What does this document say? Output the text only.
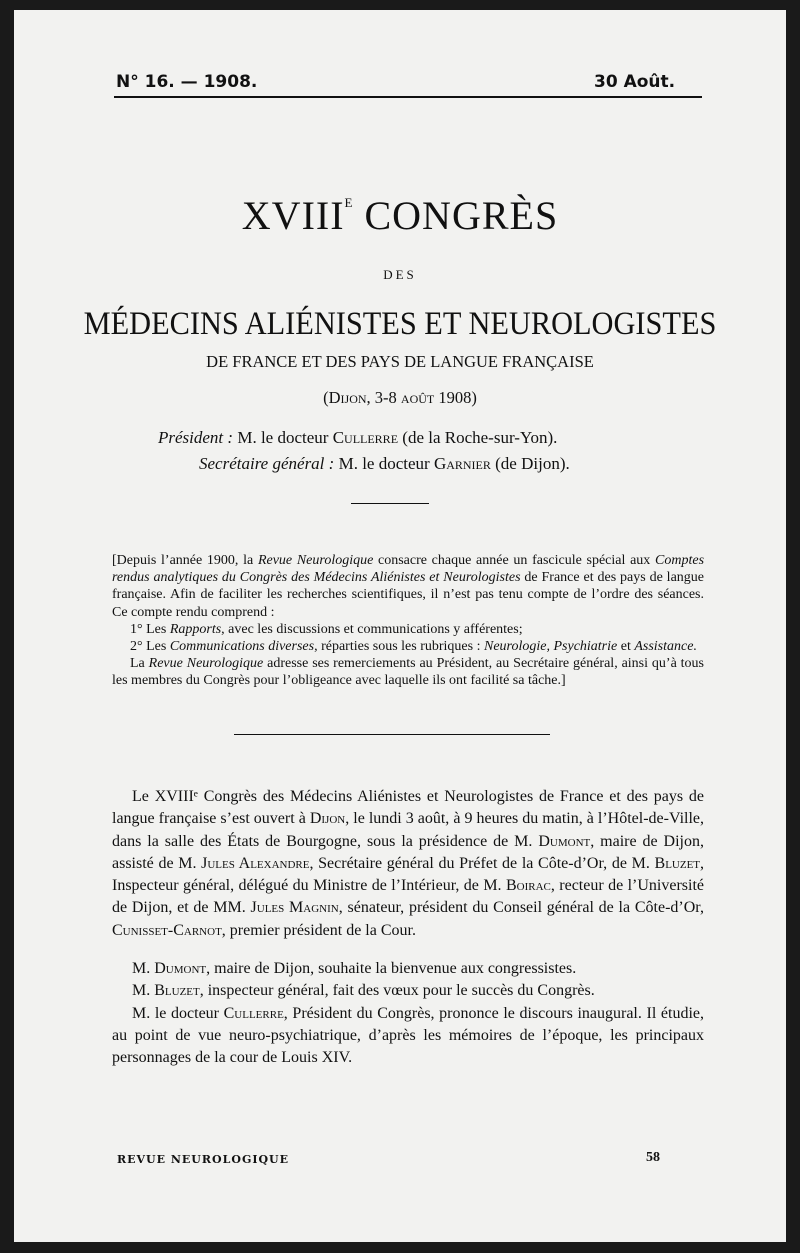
N° 16. — 1908.	30 Août.
$XVIII^E$ CONGRÈS
DES
MÉDECINS ALIÉNISTES ET NEUROLOGISTES
DE FRANCE ET DES PAYS DE LANGUE FRANÇAISE
(Dijon, 3-8 août 1908)
Président : M. le docteur Cullerre (de la Roche-sur-Yon).
Secrétaire général : M. le docteur Garnier (de Dijon).

[Depuis l’année 1900, la Revue Neurologique consacre chaque année un fascicule spécial aux Comptes rendus analytiques du Congrès des Médecins Aliénistes et Neurologistes de France et des pays de langue française. Afin de faciliter les recherches scientifiques, il n’est pas tenu compte de l’ordre des séances. Ce compte rendu comprend :

1° Les Rapports, avec les discussions et communications y afférentes;

2° Les Communications diverses, réparties sous les rubriques : Neurologie, Psychiatrie et Assistance.

La Revue Neurologique adresse ses remerciements au Président, au Secrétaire général, ainsi qu’à tous les membres du Congrès pour l’obligeance avec laquelle ils ont facilité sa tâche.]

Le XVIIIᵉ Congrès des Médecins Aliénistes et Neurologistes de France et des pays de langue française s’est ouvert à Dijon, le lundi 3 août, à 9 heures du matin, à l’Hôtel-de-Ville, dans la salle des États de Bourgogne, sous la présidence de M. Dumont, maire de Dijon, assisté de M. Jules Alexandre, Secrétaire général du Préfet de la Côte-d’Or, de M. Bluzet, Inspecteur général, délégué du Ministre de l’Intérieur, de M. Boirac, recteur de l’Université de Dijon, et de MM. Jules Magnin, sénateur, président du Conseil général de la Côte-d’Or, Cunisset-Carnot, premier président de la Cour.

M. Dumont, maire de Dijon, souhaite la bienvenue aux congressistes.

M. Bluzet, inspecteur général, fait des vœux pour le succès du Congrès.

M. le docteur Cullerre, Président du Congrès, prononce le discours inaugural. Il étudie, au point de vue neuro-psychiatrique, d’après les mémoires de l’époque, les principaux personnages de la cour de Louis XIV.

REVUE NEUROLOGIQUE	58
